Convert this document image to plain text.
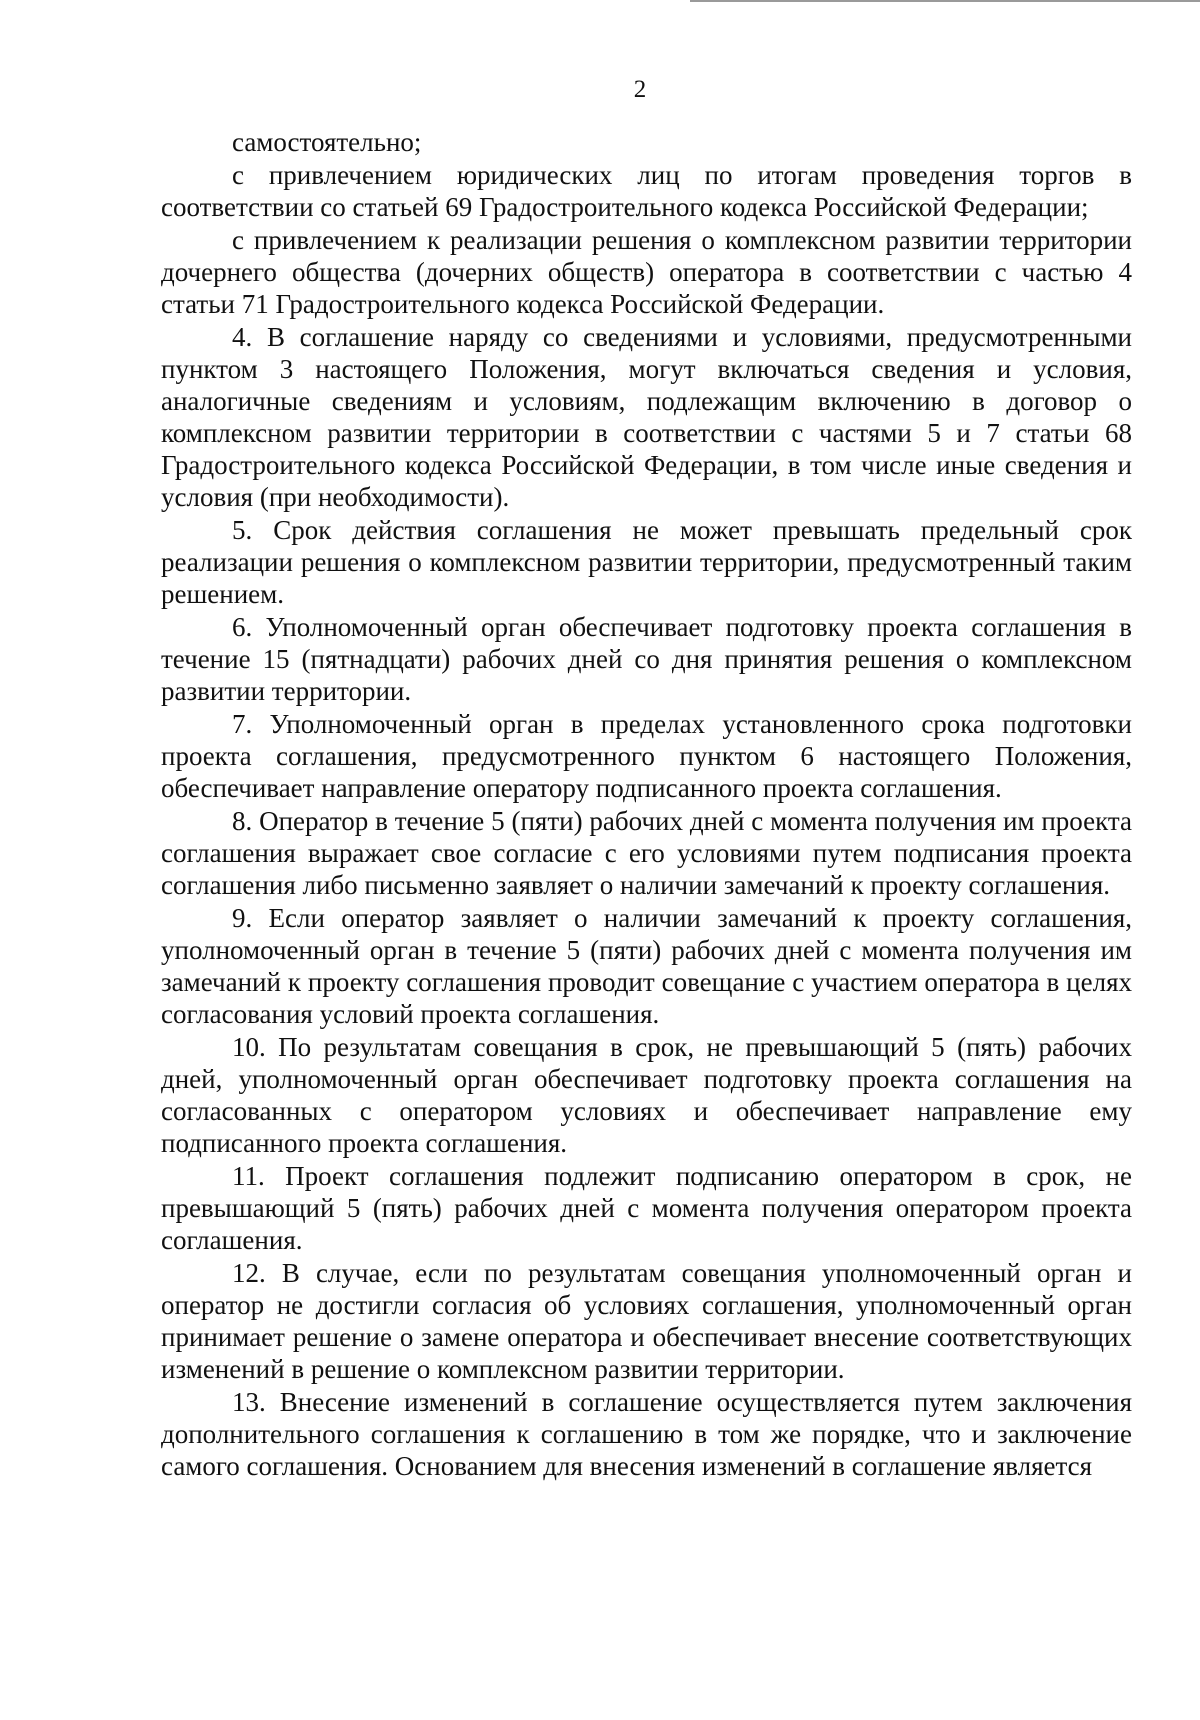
2

самостоятельно;

с привлечением юридических лиц по итогам проведения торгов в соответствии со статьей 69 Градостроительного кодекса Российской Федерации;

с привлечением к реализации решения о комплексном развитии территории дочернего общества (дочерних обществ) оператора в соответствии с частью 4 статьи 71 Градостроительного кодекса Российской Федерации.

4. В соглашение наряду со сведениями и условиями, предусмотренными пунктом 3 настоящего Положения, могут включаться сведения и условия, аналогичные сведениям и условиям, подлежащим включению в договор о комплексном развитии территории в соответствии с частями 5 и 7 статьи 68 Градостроительного кодекса Российской Федерации, в том числе иные сведения и условия (при необходимости).

5. Срок действия соглашения не может превышать предельный срок реализации решения о комплексном развитии территории, предусмотренный таким решением.

6. Уполномоченный орган обеспечивает подготовку проекта соглашения в течение 15 (пятнадцати) рабочих дней со дня принятия решения о комплексном развитии территории.

7. Уполномоченный орган в пределах установленного срока подготовки проекта соглашения, предусмотренного пунктом 6 настоящего Положения, обеспечивает направление оператору подписанного проекта соглашения.

8. Оператор в течение 5 (пяти) рабочих дней с момента получения им проекта соглашения выражает свое согласие с его условиями путем подписания проекта соглашения либо письменно заявляет о наличии замечаний к проекту соглашения.

9. Если оператор заявляет о наличии замечаний к проекту соглашения, уполномоченный орган в течение 5 (пяти) рабочих дней с момента получения им замечаний к проекту соглашения проводит совещание с участием оператора в целях согласования условий проекта соглашения.

10. По результатам совещания в срок, не превышающий 5 (пять) рабочих дней, уполномоченный орган обеспечивает подготовку проекта соглашения на согласованных с оператором условиях и обеспечивает направление ему подписанного проекта соглашения.

11. Проект соглашения подлежит подписанию оператором в срок, не превышающий 5 (пять) рабочих дней с момента получения оператором проекта соглашения.

12. В случае, если по результатам совещания уполномоченный орган и оператор не достигли согласия об условиях соглашения, уполномоченный орган принимает решение о замене оператора и обеспечивает внесение соответствующих изменений в решение о комплексном развитии территории.

13. Внесение изменений в соглашение осуществляется путем заключения дополнительного соглашения к соглашению в том же порядке, что и заключение самого соглашения. Основанием для внесения изменений в соглашение является
